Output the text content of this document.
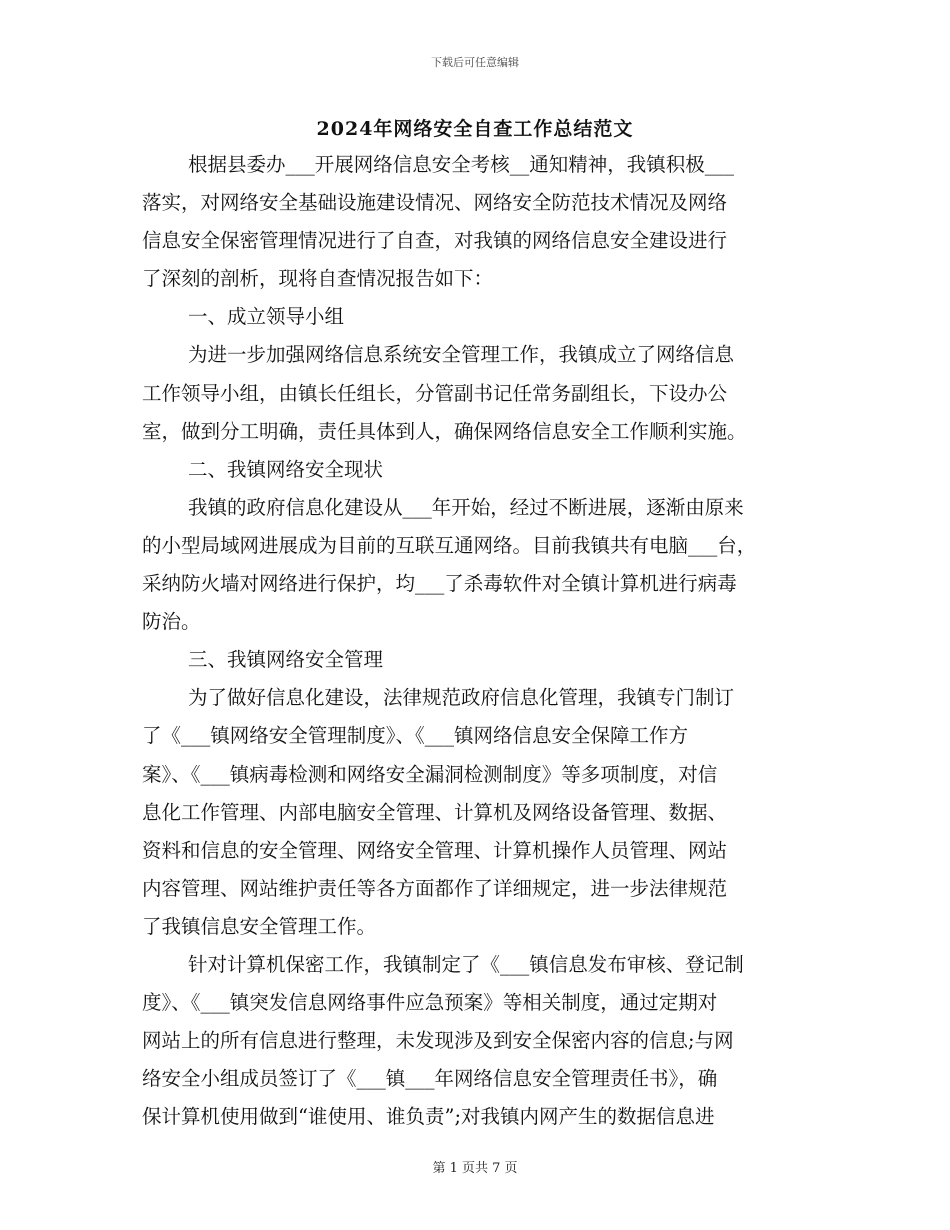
下载后可任意编辑
2024年网络安全自查工作总结范文
根据县委办___开展网络信息安全考核__通知精神，我镇积极___
落实，对网络安全基础设施建设情况、网络安全防范技术情况及网络
信息安全保密管理情况进行了自查，对我镇的网络信息安全建设进行
了深刻的剖析，现将自查情况报告如下：
一、成立领导小组
为进一步加强网络信息系统安全管理工作，我镇成立了网络信息
工作领导小组，由镇长任组长，分管副书记任常务副组长，下设办公
室，做到分工明确，责任具体到人，确保网络信息安全工作顺利实施。
二、我镇网络安全现状
我镇的政府信息化建设从___年开始，经过不断进展，逐渐由原来
的小型局域网进展成为目前的互联互通网络。目前我镇共有电脑___台，
采纳防火墙对网络进行保护，均___了杀毒软件对全镇计算机进行病毒
防治。
三、我镇网络安全管理
为了做好信息化建设，法律规范政府信息化管理，我镇专门制订
了《___镇网络安全管理制度》、《___镇网络信息安全保障工作方
案》、《___镇病毒检测和网络安全漏洞检测制度》等多项制度，对信
息化工作管理、内部电脑安全管理、计算机及网络设备管理、数据、
资料和信息的安全管理、网络安全管理、计算机操作人员管理、网站
内容管理、网站维护责任等各方面都作了详细规定，进一步法律规范
了我镇信息安全管理工作。
针对计算机保密工作，我镇制定了《___镇信息发布审核、登记制
度》、《___镇突发信息网络事件应急预案》等相关制度，通过定期对
网站上的所有信息进行整理，未发现涉及到安全保密内容的信息;与网
络安全小组成员签订了《___镇___年网络信息安全管理责任书》，确
保计算机使用做到“谁使用、谁负责”;对我镇内网产生的数据信息进
第 1 页共 7 页
